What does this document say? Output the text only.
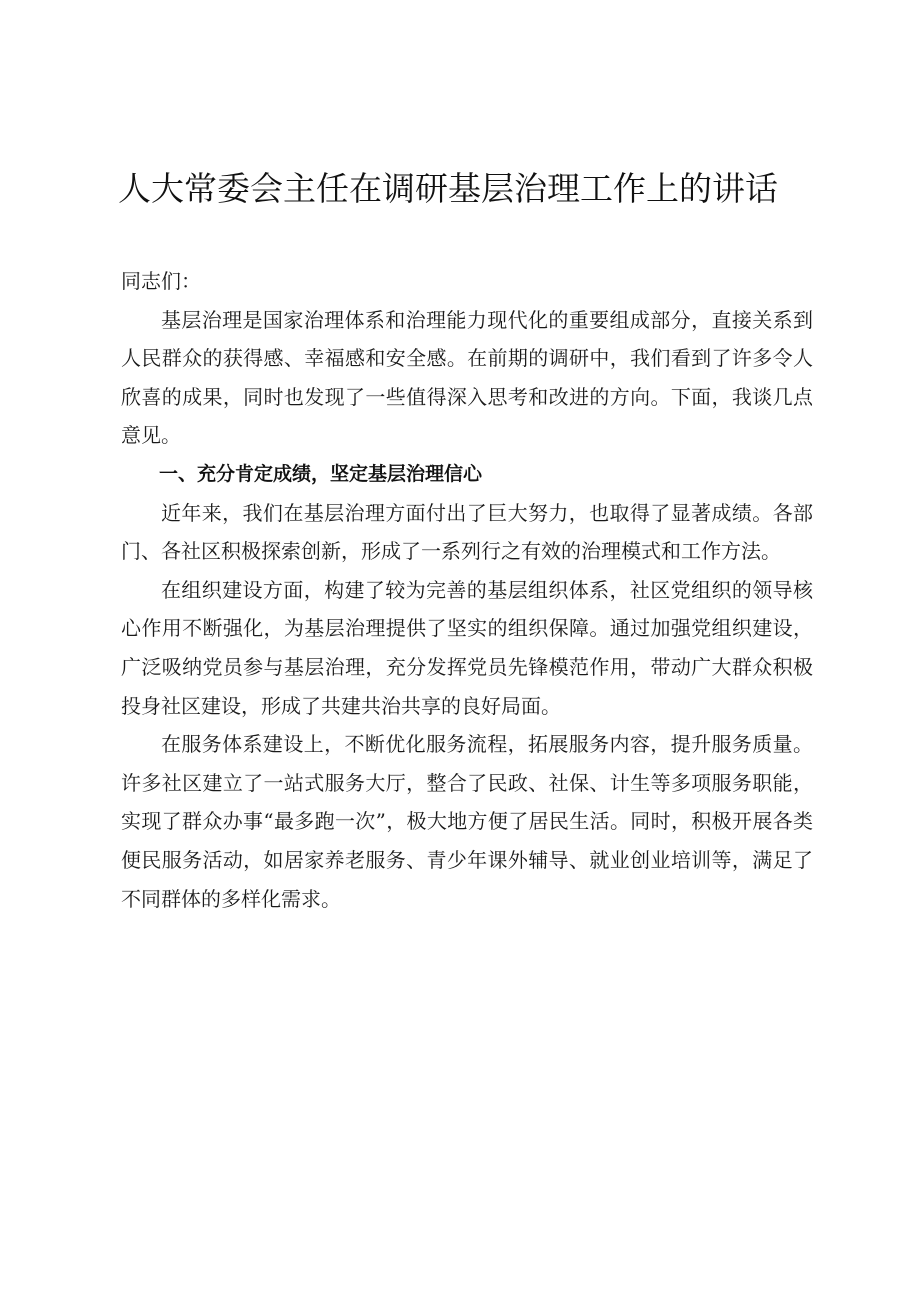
人大常委会主任在调研基层治理工作上的讲话

同志们：

基层治理是国家治理体系和治理能力现代化的重要组成部分，直接关系到人民群众的获得感、幸福感和安全感。在前期的调研中，我们看到了许多令人欣喜的成果，同时也发现了一些值得深入思考和改进的方向。下面，我谈几点意见。

一、充分肯定成绩，坚定基层治理信心

近年来，我们在基层治理方面付出了巨大努力，也取得了显著成绩。各部门、各社区积极探索创新，形成了一系列行之有效的治理模式和工作方法。

在组织建设方面，构建了较为完善的基层组织体系，社区党组织的领导核心作用不断强化，为基层治理提供了坚实的组织保障。通过加强党组织建设，广泛吸纳党员参与基层治理，充分发挥党员先锋模范作用，带动广大群众积极投身社区建设，形成了共建共治共享的良好局面。

在服务体系建设上，不断优化服务流程，拓展服务内容，提升服务质量。许多社区建立了一站式服务大厅，整合了民政、社保、计生等多项服务职能，实现了群众办事“最多跑一次”，极大地方便了居民生活。同时，积极开展各类便民服务活动，如居家养老服务、青少年课外辅导、就业创业培训等，满足了不同群体的多样化需求。
